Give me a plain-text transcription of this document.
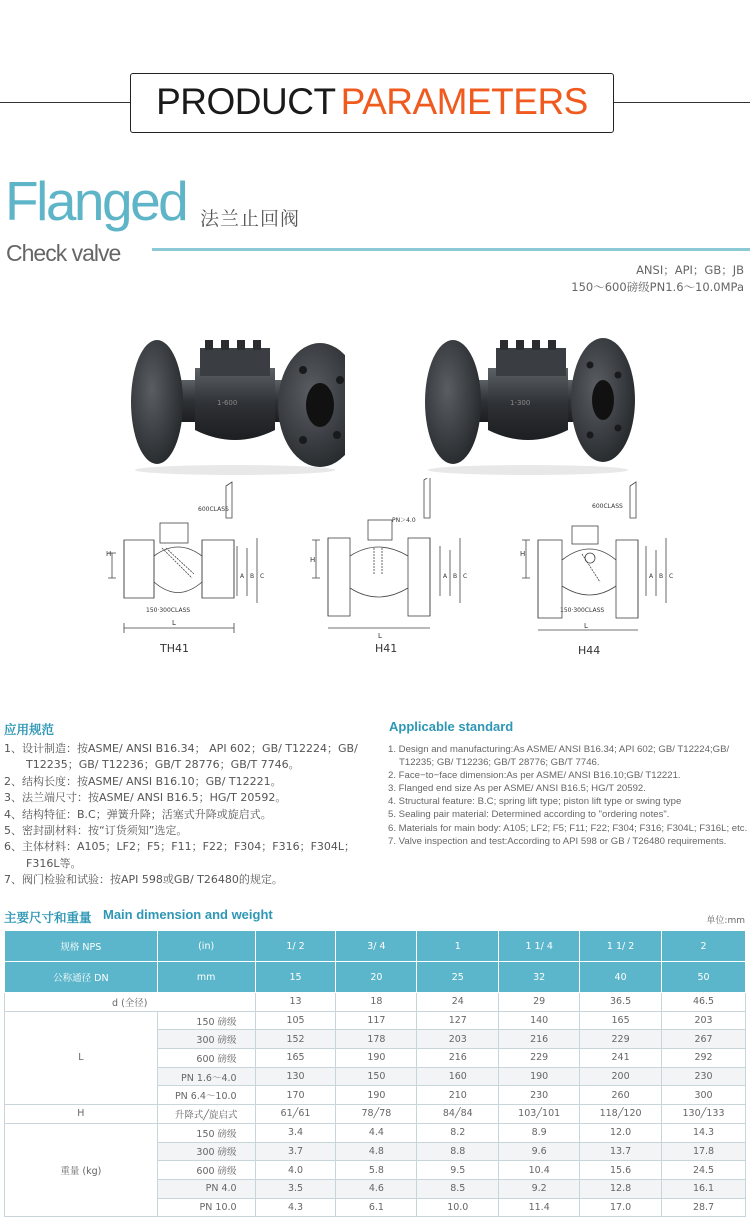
PRODUCT PARAMETERS
Flanged 法兰止回阀
Check valve
ANSI；API；GB；JB
150～600磅级PN1.6～10.0MPa
1-600	1-300
600CLASS
150·300CLASS
H
L
A B C
TH41
PN＞4.0
H
L
A B C
H41
600CLASS
150·300CLASS
H
L
A B C
H44
应用规范
1、设计制造：按ASME/ ANSI B16.34； API 602；GB/ T12224；GB/ T12235；GB/ T12236；GB/T 28776；GB/T 7746。
2、结构长度：按ASME/ ANSI B16.10；GB/ T12221。
3、法兰端尺寸：按ASME/ ANSI B16.5；HG/T 20592。
4、结构特征：B.C；弹簧升降；活塞式升降或旋启式。
5、密封副材料：按“订货须知”选定。
6、主体材料：A105；LF2；F5；F11；F22；F304；F316；F304L；F316L等。
7、阀门检验和试验：按API 598或GB/ T26480的规定。
Applicable standard
1. Design and manufacturing:As ASME/ ANSI B16.34; API 602; GB/ T12224;GB/ T12235; GB/ T12236; GB/T 28776; GB/T 7746.
2. Face−to−face dimension:As per ASME/ ANSI B16.10;GB/ T12221.
3. Flanged end size As per ASME/ ANSI B16.5; HG/T 20592.
4. Structural feature: B.C; spring lift type; piston lift type or swing type
5. Sealing pair material: Determined according to "ordering notes".
6. Materials for main body: A105; LF2; F5; F11; F22; F304; F316; F304L; F316L; etc.
7. Valve inspection and test:According to API 598 or GB / T26480 requirements.
主要尺寸和重量 Main dimension and weight	单位:mm
规格 NPS	(in)	1/ 2	3/ 4	1	1 1/ 4	1 1/ 2	2
公称通径 DN	mm	15	20	25	32	40	50
d (全径)		13	18	24	29	36.5	46.5
L	150 磅级	105	117	127	140	165	203
	300 磅级	152	178	203	216	229	267
	600 磅级	165	190	216	229	241	292
	PN 1.6～4.0	130	150	160	190	200	230
	PN 6.4～10.0	170	190	210	230	260	300
H	升降式╱旋启式	61╱61	78╱78	84╱84	103╱101	118╱120	130╱133
重量 (kg)	150 磅级	3.4	4.4	8.2	8.9	12.0	14.3
	300 磅级	3.7	4.8	8.8	9.6	13.7	17.8
	600 磅级	4.0	5.8	9.5	10.4	15.6	24.5
	PN 4.0	3.5	4.6	8.5	9.2	12.8	16.1
	PN 10.0	4.3	6.1	10.0	11.4	17.0	28.7
